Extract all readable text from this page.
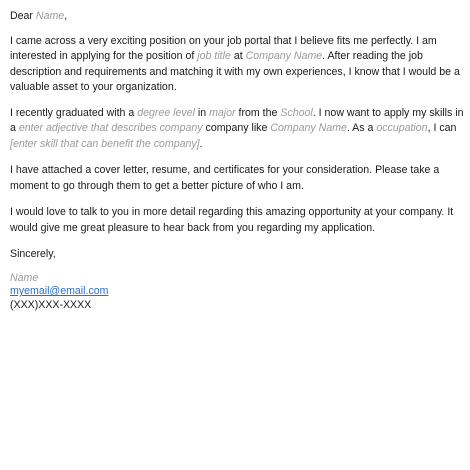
Dear Name,

I came across a very exciting position on your job portal that I believe fits me perfectly. I am interested in applying for the position of job title at Company Name. After reading the job description and requirements and matching it with my own experiences, I know that I would be a valuable asset to your organization.

I recently graduated with a degree level in major from the School. I now want to apply my skills in a enter adjective that describes company company like Company Name. As a occupation, I can [enter skill that can benefit the company].

I have attached a cover letter, resume, and certificates for your consideration. Please take a moment to go through them to get a better picture of who I am.

I would love to talk to you in more detail regarding this amazing opportunity at your company. It would give me great pleasure to hear back from you regarding my application.

Sincerely,

Name
myemail@email.com
(XXX)XXX-XXXX
